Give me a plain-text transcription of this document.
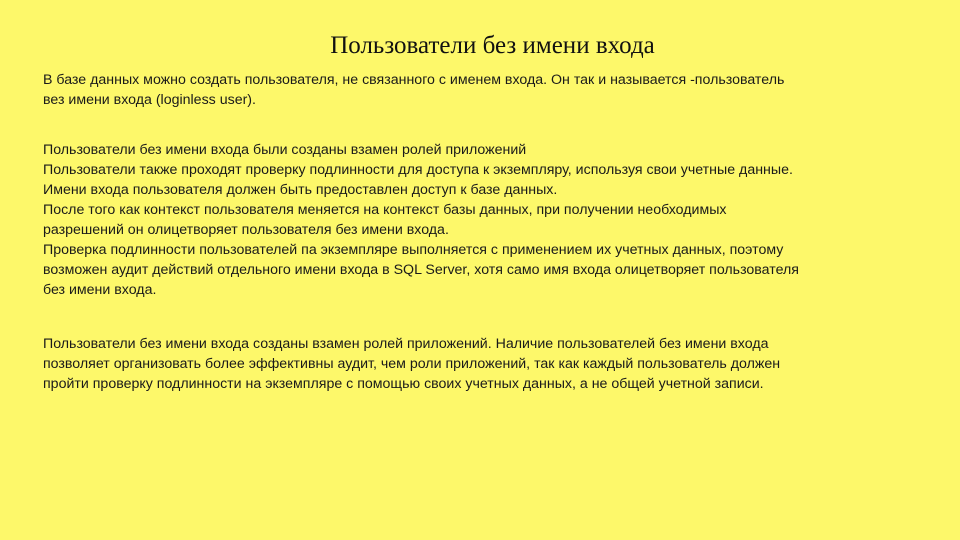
Пользователи без имени входа
В базе данных можно создать пользователя, не связанного с именем входа. Он так и называется -пользователь
вез имени входа (loginless user).
Пользователи без имени входа были созданы взамен ролей приложений
Пользователи также проходят проверку подлинности для доступа к экземпляру, используя свои учетные данные.
Имени входа пользователя должен быть предоставлен доступ к базе данных.
После того как контекст пользователя меняется на контекст базы данных, при получении необходимых
разрешений он олицетворяет пользователя без имени входа.
Проверка подлинности пользователей па экземпляре выполняется с применением их учетных данных, поэтому
возможен аудит действий отдельного имени входа в SQL Server, хотя само имя входа олицетворяет пользователя
без имени входа.
Пользователи без имени входа созданы взамен ролей приложений. Наличие пользователей без имени входа
позволяет организовать более эффективны аудит, чем роли приложений, так как каждый пользователь должен
пройти проверку подлинности на экземпляре с помощью своих учетных данных, а не общей учетной записи.
